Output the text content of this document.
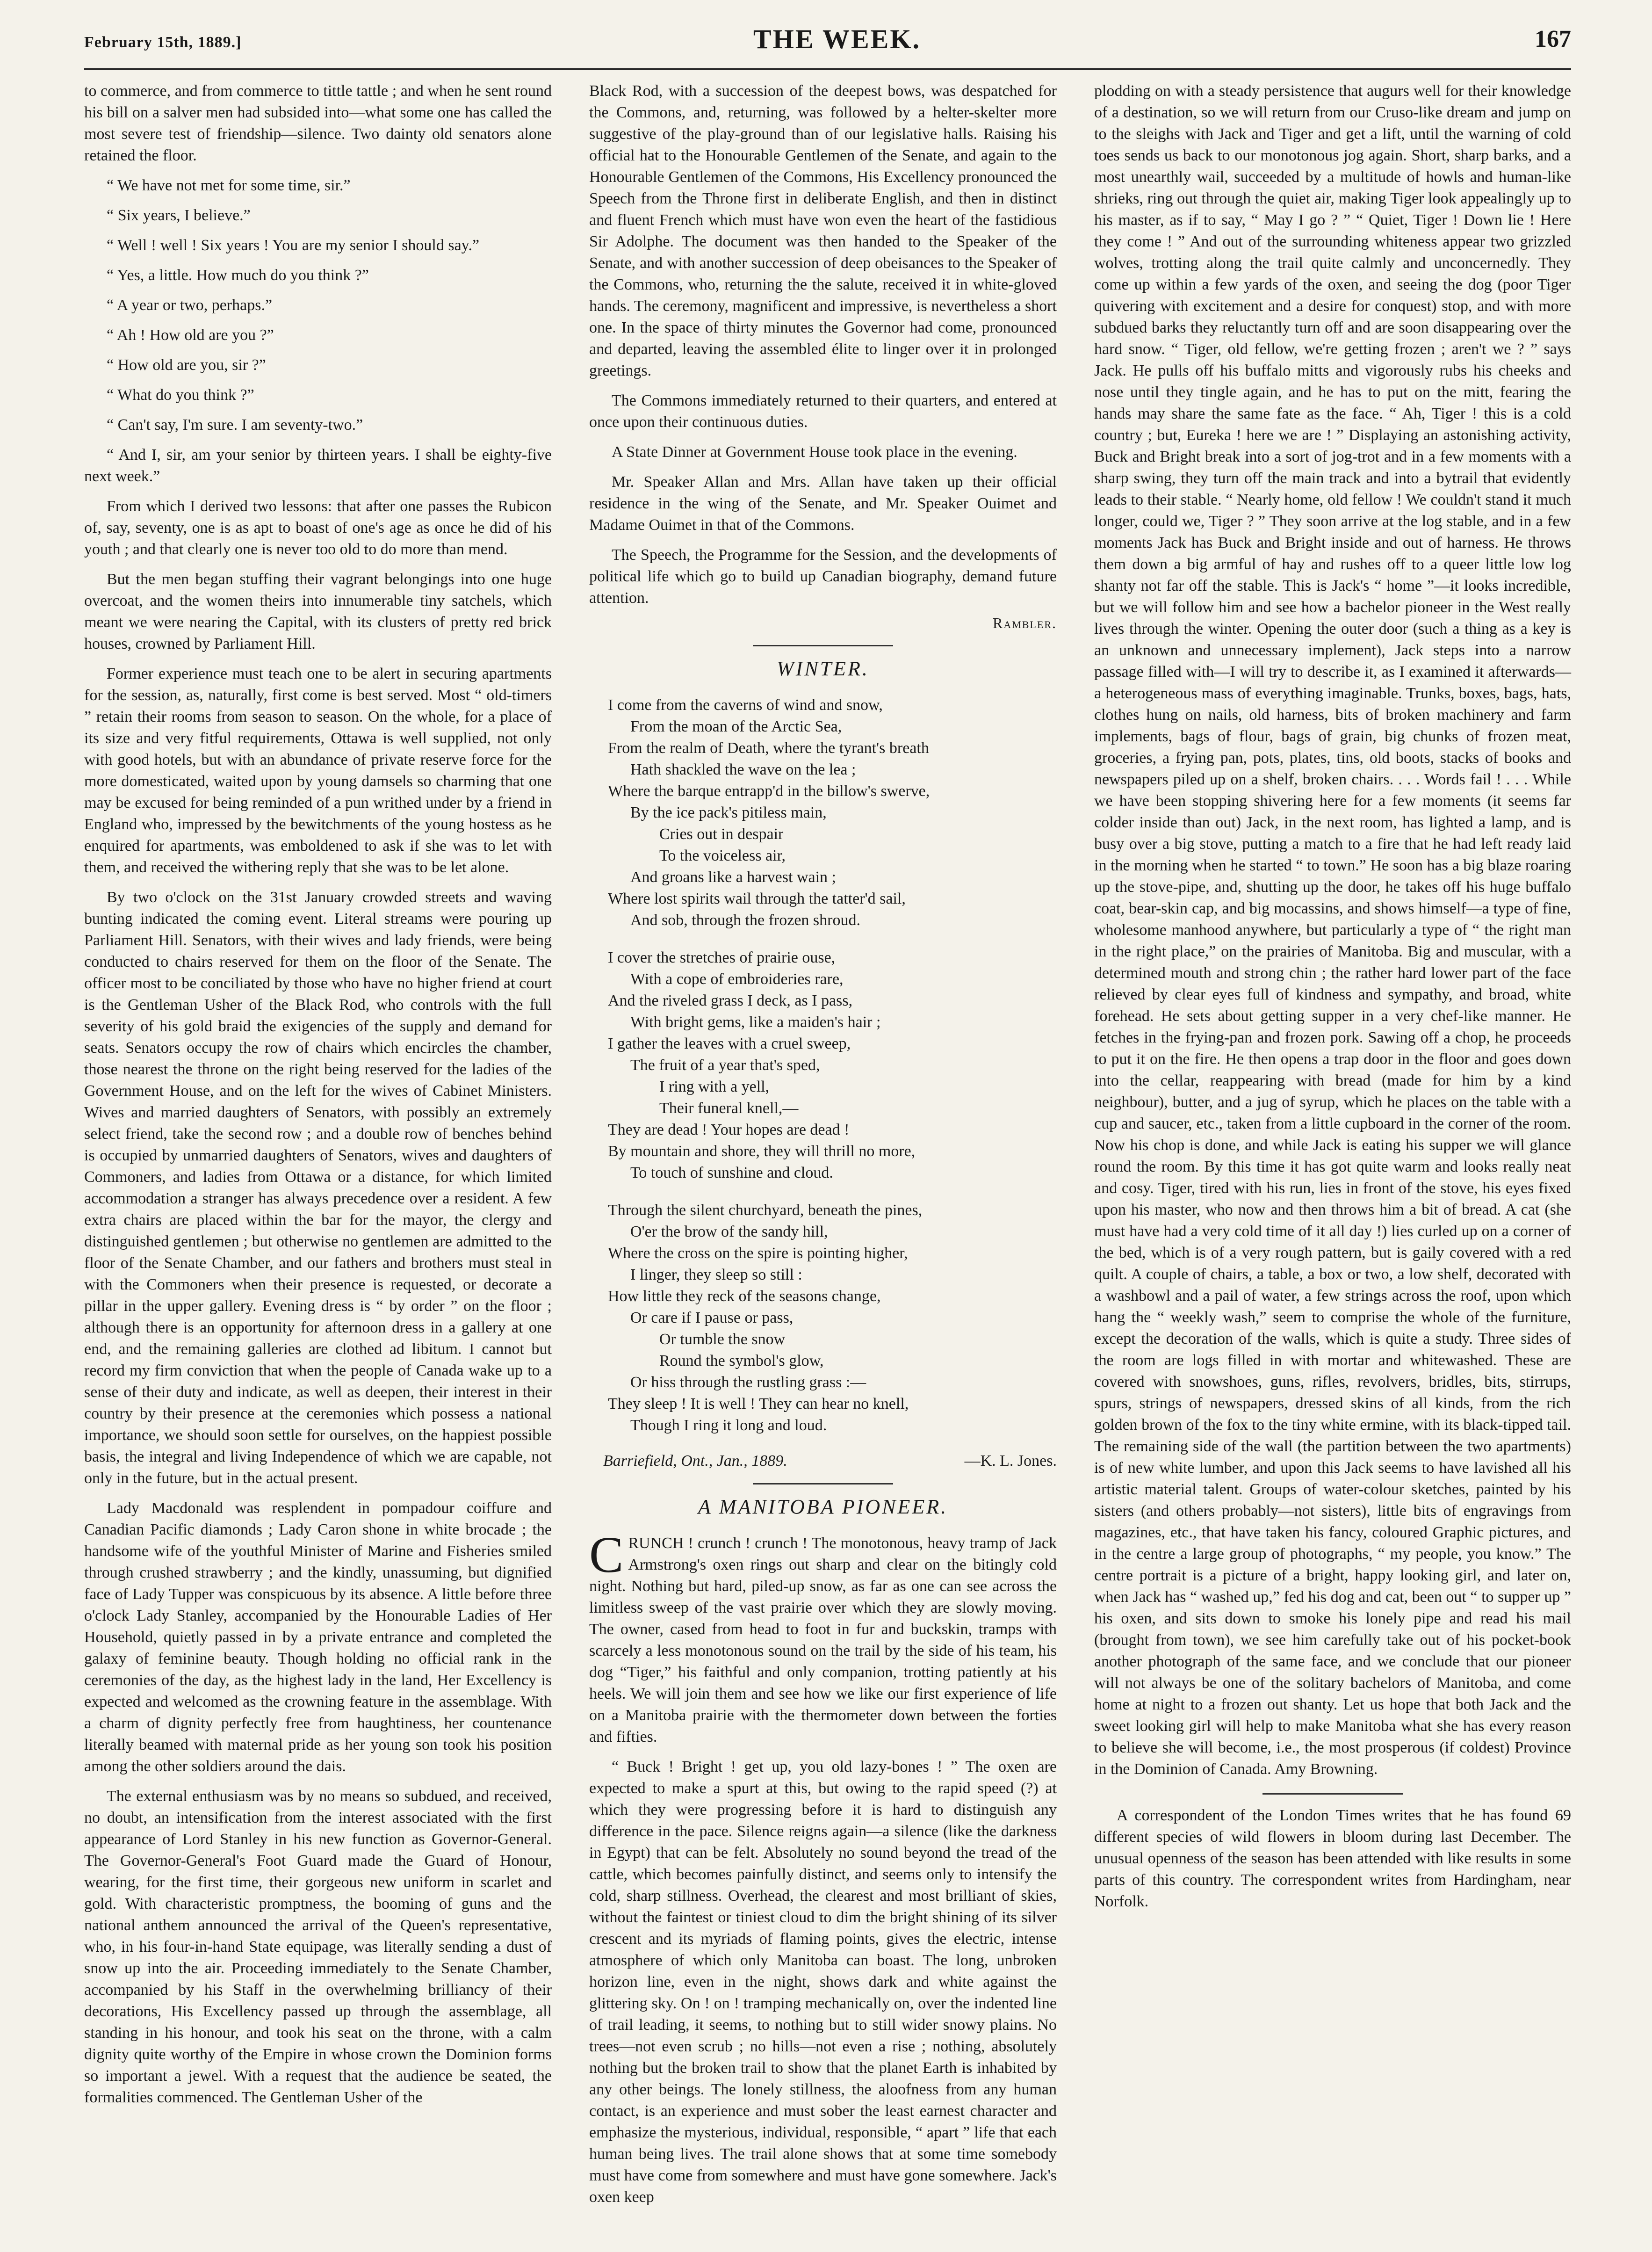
February 15th, 1889.]	THE WEEK.	167

to commerce, and from commerce to tittle tattle ; and when he sent round his bill on a salver men had subsided into—what some one has called the most severe test of friendship—silence. Two dainty old senators alone retained the floor.

“ We have not met for some time, sir.”

“ Six years, I believe.”

“ Well ! well ! Six years ! You are my senior I should say.”

“ Yes, a little. How much do you think ?”

“ A year or two, perhaps.”

“ Ah ! How old are you ?”

“ How old are you, sir ?”

“ What do you think ?”

“ Can't say, I'm sure. I am seventy-two.”

“ And I, sir, am your senior by thirteen years. I shall be eighty-five next week.”

From which I derived two lessons: that after one passes the Rubicon of, say, seventy, one is as apt to boast of one's age as once he did of his youth ; and that clearly one is never too old to do more than mend.

But the men began stuffing their vagrant belongings into one huge overcoat, and the women theirs into innumerable tiny satchels, which meant we were nearing the Capital, with its clusters of pretty red brick houses, crowned by Parliament Hill.

Former experience must teach one to be alert in securing apartments for the session, as, naturally, first come is best served. Most “ old-timers ” retain their rooms from season to season. On the whole, for a place of its size and very fitful requirements, Ottawa is well supplied, not only with good hotels, but with an abundance of private reserve force for the more domesticated, waited upon by young damsels so charming that one may be excused for being reminded of a pun writhed under by a friend in England who, impressed by the bewitchments of the young hostess as he enquired for apartments, was emboldened to ask if she was to let with them, and received the withering reply that she was to be let alone.

By two o'clock on the 31st January crowded streets and waving bunting indicated the coming event. Literal streams were pouring up Parliament Hill. Senators, with their wives and lady friends, were being conducted to chairs reserved for them on the floor of the Senate. The officer most to be conciliated by those who have no higher friend at court is the Gentleman Usher of the Black Rod, who controls with the full severity of his gold braid the exigencies of the supply and demand for seats. Senators occupy the row of chairs which encircles the chamber, those nearest the throne on the right being reserved for the ladies of the Government House, and on the left for the wives of Cabinet Ministers. Wives and married daughters of Senators, with possibly an extremely select friend, take the second row ; and a double row of benches behind is occupied by unmarried daughters of Senators, wives and daughters of Commoners, and ladies from Ottawa or a distance, for which limited accommodation a stranger has always precedence over a resident. A few extra chairs are placed within the bar for the mayor, the clergy and distinguished gentlemen ; but otherwise no gentlemen are admitted to the floor of the Senate Chamber, and our fathers and brothers must steal in with the Commoners when their presence is requested, or decorate a pillar in the upper gallery. Evening dress is “ by order ” on the floor ; although there is an opportunity for afternoon dress in a gallery at one end, and the remaining galleries are clothed ad libitum. I cannot but record my firm conviction that when the people of Canada wake up to a sense of their duty and indicate, as well as deepen, their interest in their country by their presence at the ceremonies which possess a national importance, we should soon settle for ourselves, on the happiest possible basis, the integral and living Independence of which we are capable, not only in the future, but in the actual present.

Lady Macdonald was resplendent in pompadour coiffure and Canadian Pacific diamonds ; Lady Caron shone in white brocade ; the handsome wife of the youthful Minister of Marine and Fisheries smiled through crushed strawberry ; and the kindly, unassuming, but dignified face of Lady Tupper was conspicuous by its absence. A little before three o'clock Lady Stanley, accompanied by the Honourable Ladies of Her Household, quietly passed in by a private entrance and completed the galaxy of feminine beauty. Though holding no official rank in the ceremonies of the day, as the highest lady in the land, Her Excellency is expected and welcomed as the crowning feature in the assemblage. With a charm of dignity perfectly free from haughtiness, her countenance literally beamed with maternal pride as her young son took his position among the other soldiers around the dais.

The external enthusiasm was by no means so subdued, and received, no doubt, an intensification from the interest associated with the first appearance of Lord Stanley in his new function as Governor-General. The Governor-General's Foot Guard made the Guard of Honour, wearing, for the first time, their gorgeous new uniform in scarlet and gold. With characteristic promptness, the booming of guns and the national anthem announced the arrival of the Queen's representative, who, in his four-in-hand State equipage, was literally sending a dust of snow up into the air. Proceeding immediately to the Senate Chamber, accompanied by his Staff in the overwhelming brilliancy of their decorations, His Excellency passed up through the assemblage, all standing in his honour, and took his seat on the throne, with a calm dignity quite worthy of the Empire in whose crown the Dominion forms so important a jewel. With a request that the audience be seated, the formalities commenced. The Gentleman Usher of the

Black Rod, with a succession of the deepest bows, was despatched for the Commons, and, returning, was followed by a helter-skelter more suggestive of the play-ground than of our legislative halls. Raising his official hat to the Honourable Gentlemen of the Senate, and again to the Honourable Gentlemen of the Commons, His Excellency pronounced the Speech from the Throne first in deliberate English, and then in distinct and fluent French which must have won even the heart of the fastidious Sir Adolphe. The document was then handed to the Speaker of the Senate, and with another succession of deep obeisances to the Speaker of the Commons, who, returning the the salute, received it in white-gloved hands. The ceremony, magnificent and impressive, is nevertheless a short one. In the space of thirty minutes the Governor had come, pronounced and departed, leaving the assembled élite to linger over it in prolonged greetings.

The Commons immediately returned to their quarters, and entered at once upon their continuous duties.

A State Dinner at Government House took place in the evening.

Mr. Speaker Allan and Mrs. Allan have taken up their official residence in the wing of the Senate, and Mr. Speaker Ouimet and Madame Ouimet in that of the Commons.

The Speech, the Programme for the Session, and the developments of political life which go to build up Canadian biography, demand future attention.

Rambler.
WINTER.
I come from the caverns of wind and snow,
From the moan of the Arctic Sea,
From the realm of Death, where the tyrant's breath
Hath shackled the wave on the lea ;
Where the barque entrapp'd in the billow's swerve,
By the ice pack's pitiless main,
Cries out in despair
To the voiceless air,
And groans like a harvest wain ;
Where lost spirits wail through the tatter'd sail,
And sob, through the frozen shroud.
I cover the stretches of prairie ouse,
With a cope of embroideries rare,
And the riveled grass I deck, as I pass,
With bright gems, like a maiden's hair ;
I gather the leaves with a cruel sweep,
The fruit of a year that's sped,
I ring with a yell,
Their funeral knell,—
They are dead ! Your hopes are dead !
By mountain and shore, they will thrill no more,
To touch of sunshine and cloud.
Through the silent churchyard, beneath the pines,
O'er the brow of the sandy hill,
Where the cross on the spire is pointing higher,
I linger, they sleep so still :
How little they reck of the seasons change,
Or care if I pause or pass,
Or tumble the snow
Round the symbol's glow,
Or hiss through the rustling grass :—
They sleep ! It is well ! They can hear no knell,
Though I ring it long and loud.
Barriefield, Ont., Jan., 1889.	—K. L. Jones.
A MANITOBA PIONEER.

CRUNCH ! crunch ! crunch ! The monotonous, heavy tramp of Jack Armstrong's oxen rings out sharp and clear on the bitingly cold night. Nothing but hard, piled-up snow, as far as one can see across the limitless sweep of the vast prairie over which they are slowly moving. The owner, cased from head to foot in fur and buckskin, tramps with scarcely a less monotonous sound on the trail by the side of his team, his dog “Tiger,” his faithful and only companion, trotting patiently at his heels. We will join them and see how we like our first experience of life on a Manitoba prairie with the thermometer down between the forties and fifties.

“ Buck ! Bright ! get up, you old lazy-bones ! ” The oxen are expected to make a spurt at this, but owing to the rapid speed (?) at which they were progressing before it is hard to distinguish any difference in the pace. Silence reigns again—a silence (like the darkness in Egypt) that can be felt. Absolutely no sound beyond the tread of the cattle, which becomes painfully distinct, and seems only to intensify the cold, sharp stillness. Overhead, the clearest and most brilliant of skies, without the faintest or tiniest cloud to dim the bright shining of its silver crescent and its myriads of flaming points, gives the electric, intense atmosphere of which only Manitoba can boast. The long, unbroken horizon line, even in the night, shows dark and white against the glittering sky. On ! on ! tramping mechanically on, over the indented line of trail leading, it seems, to nothing but to still wider snowy plains. No trees—not even scrub ; no hills—not even a rise ; nothing, absolutely nothing but the broken trail to show that the planet Earth is inhabited by any other beings. The lonely stillness, the aloofness from any human contact, is an experience and must sober the least earnest character and emphasize the mysterious, individual, responsible, “ apart ” life that each human being lives. The trail alone shows that at some time somebody must have come from somewhere and must have gone somewhere. Jack's oxen keep

plodding on with a steady persistence that augurs well for their knowledge of a destination, so we will return from our Cruso-like dream and jump on to the sleighs with Jack and Tiger and get a lift, until the warning of cold toes sends us back to our monotonous jog again. Short, sharp barks, and a most unearthly wail, succeeded by a multitude of howls and human-like shrieks, ring out through the quiet air, making Tiger look appealingly up to his master, as if to say, “ May I go ? ” “ Quiet, Tiger ! Down lie ! Here they come ! ” And out of the surrounding whiteness appear two grizzled wolves, trotting along the trail quite calmly and unconcernedly. They come up within a few yards of the oxen, and seeing the dog (poor Tiger quivering with excitement and a desire for conquest) stop, and with more subdued barks they reluctantly turn off and are soon disappearing over the hard snow. “ Tiger, old fellow, we're getting frozen ; aren't we ? ” says Jack. He pulls off his buffalo mitts and vigorously rubs his cheeks and nose until they tingle again, and he has to put on the mitt, fearing the hands may share the same fate as the face. “ Ah, Tiger ! this is a cold country ; but, Eureka ! here we are ! ” Displaying an astonishing activity, Buck and Bright break into a sort of jog-trot and in a few moments with a sharp swing, they turn off the main track and into a bytrail that evidently leads to their stable. “ Nearly home, old fellow ! We couldn't stand it much longer, could we, Tiger ? ” They soon arrive at the log stable, and in a few moments Jack has Buck and Bright inside and out of harness. He throws them down a big armful of hay and rushes off to a queer little low log shanty not far off the stable. This is Jack's “ home ”—it looks incredible, but we will follow him and see how a bachelor pioneer in the West really lives through the winter. Opening the outer door (such a thing as a key is an unknown and unnecessary implement), Jack steps into a narrow passage filled with—I will try to describe it, as I examined it afterwards—a heterogeneous mass of everything imaginable. Trunks, boxes, bags, hats, clothes hung on nails, old harness, bits of broken machinery and farm implements, bags of flour, bags of grain, big chunks of frozen meat, groceries, a frying pan, pots, plates, tins, old boots, stacks of books and newspapers piled up on a shelf, broken chairs. . . . Words fail ! . . . While we have been stopping shivering here for a few moments (it seems far colder inside than out) Jack, in the next room, has lighted a lamp, and is busy over a big stove, putting a match to a fire that he had left ready laid in the morning when he started “ to town.” He soon has a big blaze roaring up the stove-pipe, and, shutting up the door, he takes off his huge buffalo coat, bear-skin cap, and big mocassins, and shows himself—a type of fine, wholesome manhood anywhere, but particularly a type of “ the right man in the right place,” on the prairies of Manitoba. Big and muscular, with a determined mouth and strong chin ; the rather hard lower part of the face relieved by clear eyes full of kindness and sympathy, and broad, white forehead. He sets about getting supper in a very chef-like manner. He fetches in the frying-pan and frozen pork. Sawing off a chop, he proceeds to put it on the fire. He then opens a trap door in the floor and goes down into the cellar, reappearing with bread (made for him by a kind neighbour), butter, and a jug of syrup, which he places on the table with a cup and saucer, etc., taken from a little cupboard in the corner of the room. Now his chop is done, and while Jack is eating his supper we will glance round the room. By this time it has got quite warm and looks really neat and cosy. Tiger, tired with his run, lies in front of the stove, his eyes fixed upon his master, who now and then throws him a bit of bread. A cat (she must have had a very cold time of it all day !) lies curled up on a corner of the bed, which is of a very rough pattern, but is gaily covered with a red quilt. A couple of chairs, a table, a box or two, a low shelf, decorated with a washbowl and a pail of water, a few strings across the roof, upon which hang the “ weekly wash,” seem to comprise the whole of the furniture, except the decoration of the walls, which is quite a study. Three sides of the room are logs filled in with mortar and whitewashed. These are covered with snowshoes, guns, rifles, revolvers, bridles, bits, stirrups, spurs, strings of newspapers, dressed skins of all kinds, from the rich golden brown of the fox to the tiny white ermine, with its black-tipped tail. The remaining side of the wall (the partition between the two apartments) is of new white lumber, and upon this Jack seems to have lavished all his artistic material talent. Groups of water-colour sketches, painted by his sisters (and others probably—not sisters), little bits of engravings from magazines, etc., that have taken his fancy, coloured Graphic pictures, and in the centre a large group of photographs, “ my people, you know.” The centre portrait is a picture of a bright, happy looking girl, and later on, when Jack has “ washed up,” fed his dog and cat, been out “ to supper up ” his oxen, and sits down to smoke his lonely pipe and read his mail (brought from town), we see him carefully take out of his pocket-book another photograph of the same face, and we conclude that our pioneer will not always be one of the solitary bachelors of Manitoba, and come home at night to a frozen out shanty. Let us hope that both Jack and the sweet looking girl will help to make Manitoba what she has every reason to believe she will become, i.e., the most prosperous (if coldest) Province in the Dominion of Canada. Amy Browning.

A correspondent of the London Times writes that he has found 69 different species of wild flowers in bloom during last December. The unusual openness of the season has been attended with like results in some parts of this country. The correspondent writes from Hardingham, near Norfolk.
